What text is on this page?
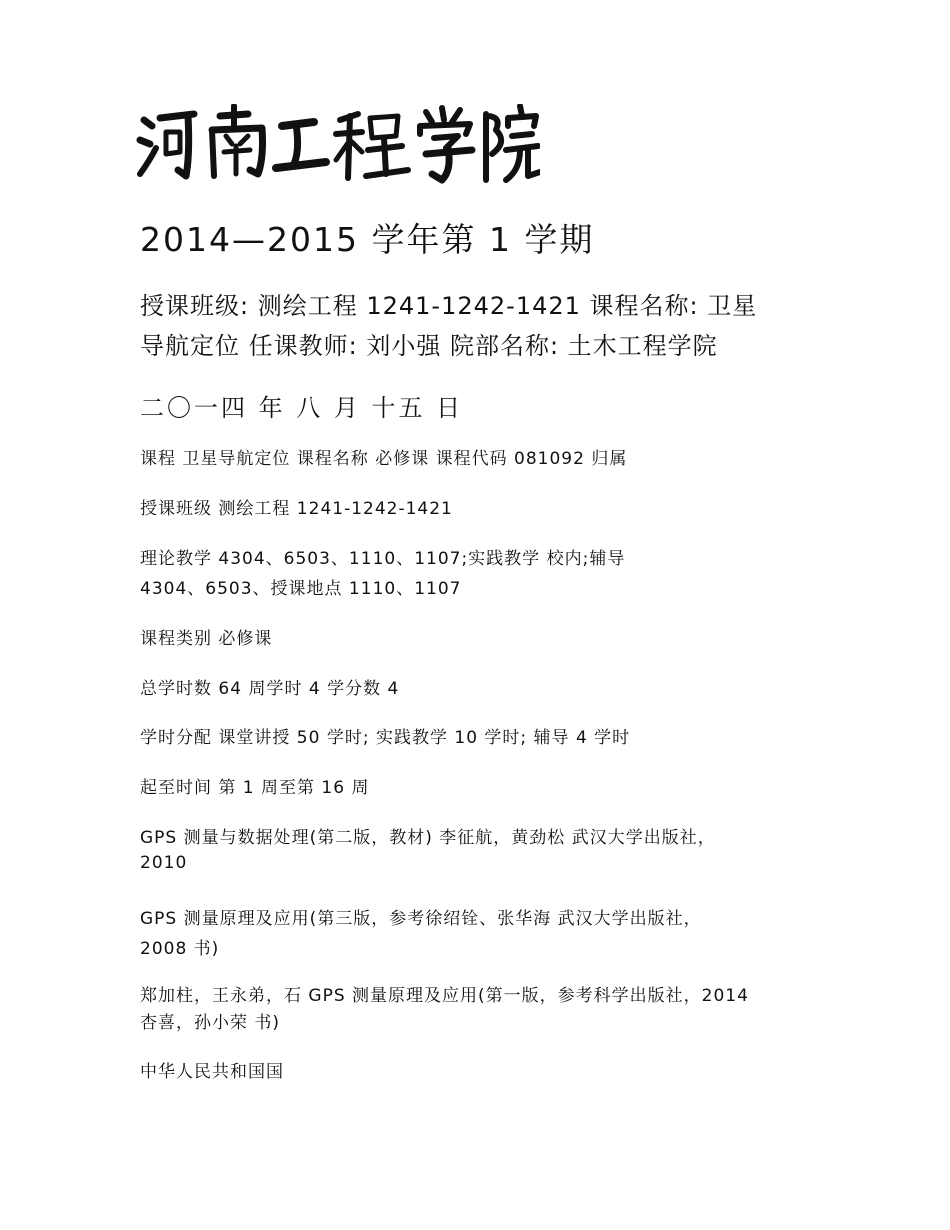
2014—2015 学年第 1 学期

授课班级: 测绘工程 1241-1242-1421 课程名称: 卫星

导航定位 任课教师: 刘小强 院部名称: 土木工程学院

二〇一四 年 八 月 十五 日

课程 卫星导航定位 课程名称 必修课 课程代码 081092 归属

授课班级 测绘工程 1241-1242-1421

理论教学 4304、6503、1110、1107;实践教学 校内;辅导

4304、6503、授课地点 1110、1107

课程类别 必修课

总学时数 64 周学时 4 学分数 4

学时分配 课堂讲授 50 学时; 实践教学 10 学时; 辅导 4 学时

起至时间 第 1 周至第 16 周

GPS 测量与数据处理(第二版，教材) 李征航，黄劲松 武汉大学出版社，

2010

GPS 测量原理及应用(第三版，参考徐绍铨、张华海 武汉大学出版社，

2008 书)

郑加柱，王永弟，石 GPS 测量原理及应用(第一版，参考科学出版社，2014

杏喜，孙小荣 书)

中华人民共和国国
